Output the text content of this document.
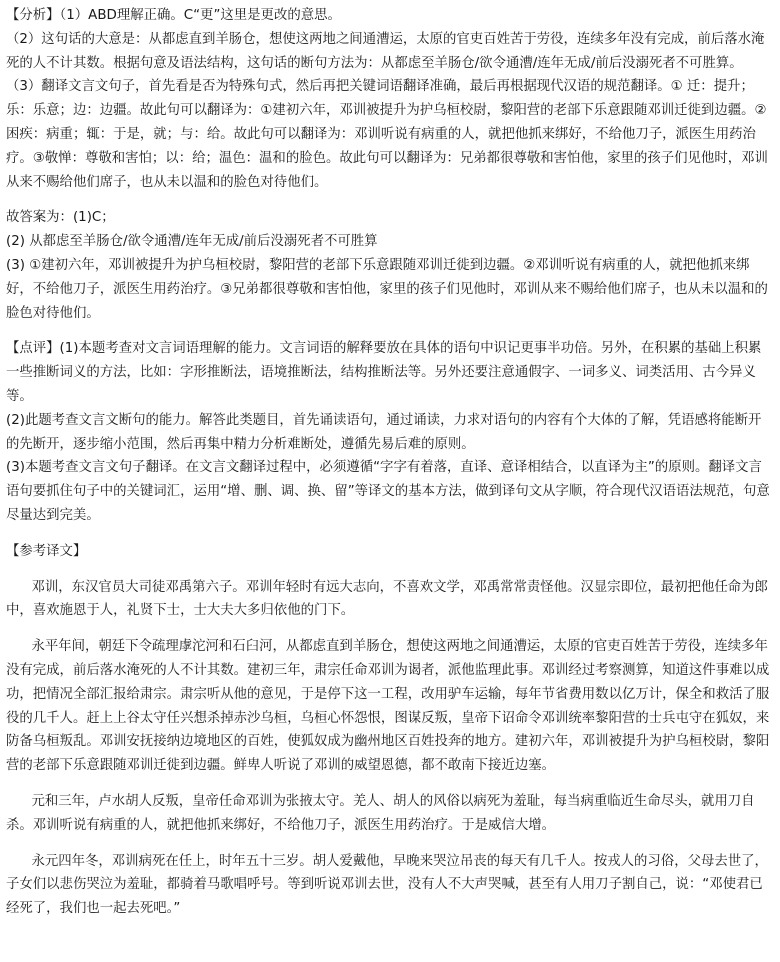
【分析】（1）ABD理解正确。C“更”这里是更改的意思。

（2）这句话的大意是：从都虑直到羊肠仓，想使这两地之间通漕运，太原的官吏百姓苦于劳役，连续多年没有完成，前后落水淹死的人不计其数。根据句意及语法结构，这句话的断句方法为：从都虑至羊肠仓/欲令通漕/连年无成/前后没溺死者不可胜算。

（3）翻译文言文句子，首先看是否为特殊句式，然后再把关键词语翻译准确，最后再根据现代汉语的规范翻译。① 迁：提升；乐：乐意；边：边疆。故此句可以翻译为：①建初六年，邓训被提升为护乌桓校尉，黎阳营的老部下乐意跟随邓训迁徙到边疆。②困疾：病重；辄：于是，就；与：给。故此句可以翻译为：邓训听说有病重的人，就把他抓来绑好，不给他刀子，派医生用药治疗。③敬惮：尊敬和害怕；以：给；温色：温和的脸色。故此句可以翻译为：兄弟都很尊敬和害怕他，家里的孩子们见他时，邓训从来不赐给他们席子，也从未以温和的脸色对待他们。

故答案为：(1)C；

(2) 从都虑至羊肠仓/欲令通漕/连年无成/前后没溺死者不可胜算

(3) ①建初六年，邓训被提升为护乌桓校尉，黎阳营的老部下乐意跟随邓训迁徙到边疆。②邓训听说有病重的人，就把他抓来绑好，不给他刀子，派医生用药治疗。③兄弟都很尊敬和害怕他，家里的孩子们见他时，邓训从来不赐给他们席子，也从未以温和的脸色对待他们。

【点评】(1)本题考查对文言词语理解的能力。文言词语的解释要放在具体的语句中识记更事半功倍。另外，在积累的基础上积累一些推断词义的方法，比如：字形推断法，语境推断法，结构推断法等。另外还要注意通假字、一词多义、词类活用、古今异义等。

(2)此题考查文言文断句的能力。解答此类题目，首先诵读语句，通过诵读，力求对语句的内容有个大体的了解，凭语感将能断开的先断开，逐步缩小范围，然后再集中精力分析难断处，遵循先易后难的原则。

(3)本题考查文言文句子翻译。在文言文翻译过程中，必须遵循“字字有着落，直译、意译相结合，以直译为主”的原则。翻译文言语句要抓住句子中的关键词汇，运用“增、删、调、换、留”等译文的基本方法，做到译句文从字顺，符合现代汉语语法规范，句意尽量达到完美。

【参考译文】

邓训，东汉官员大司徒邓禹第六子。邓训年轻时有远大志向，不喜欢文学，邓禹常常责怪他。汉显宗即位，最初把他任命为郎中，喜欢施恩于人，礼贤下士，士大夫大多归依他的门下。

永平年间，朝廷下令疏理虖沱河和石臼河，从都虑直到羊肠仓，想使这两地之间通漕运，太原的官吏百姓苦于劳役，连续多年没有完成，前后落水淹死的人不计其数。建初三年，肃宗任命邓训为谒者，派他监理此事。邓训经过考察测算，知道这件事难以成功，把情况全部汇报给肃宗。肃宗听从他的意见，于是停下这一工程，改用驴车运输，每年节省费用数以亿万计，保全和救活了服役的几千人。赶上上谷太守任兴想杀掉赤沙乌桓，乌桓心怀怨恨，图谋反叛，皇帝下诏命令邓训统率黎阳营的士兵屯守在狐奴，来防备乌桓叛乱。邓训安抚接纳边境地区的百姓，使狐奴成为幽州地区百姓投奔的地方。建初六年，邓训被提升为护乌桓校尉，黎阳营的老部下乐意跟随邓训迁徙到边疆。鲜卑人听说了邓训的威望恩德，都不敢南下接近边塞。

元和三年，卢水胡人反叛，皇帝任命邓训为张掖太守。羌人、胡人的风俗以病死为羞耻，每当病重临近生命尽头，就用刀自杀。邓训听说有病重的人，就把他抓来绑好，不给他刀子，派医生用药治疗。于是威信大增。

永元四年冬，邓训病死在任上，时年五十三岁。胡人爱戴他，早晚来哭泣吊丧的每天有几千人。按戎人的习俗，父母去世了，子女们以悲伤哭泣为羞耻，都骑着马歌唱呼号。等到听说邓训去世，没有人不大声哭喊，甚至有人用刀子割自己，说：“邓使君已经死了，我们也一起去死吧。”
